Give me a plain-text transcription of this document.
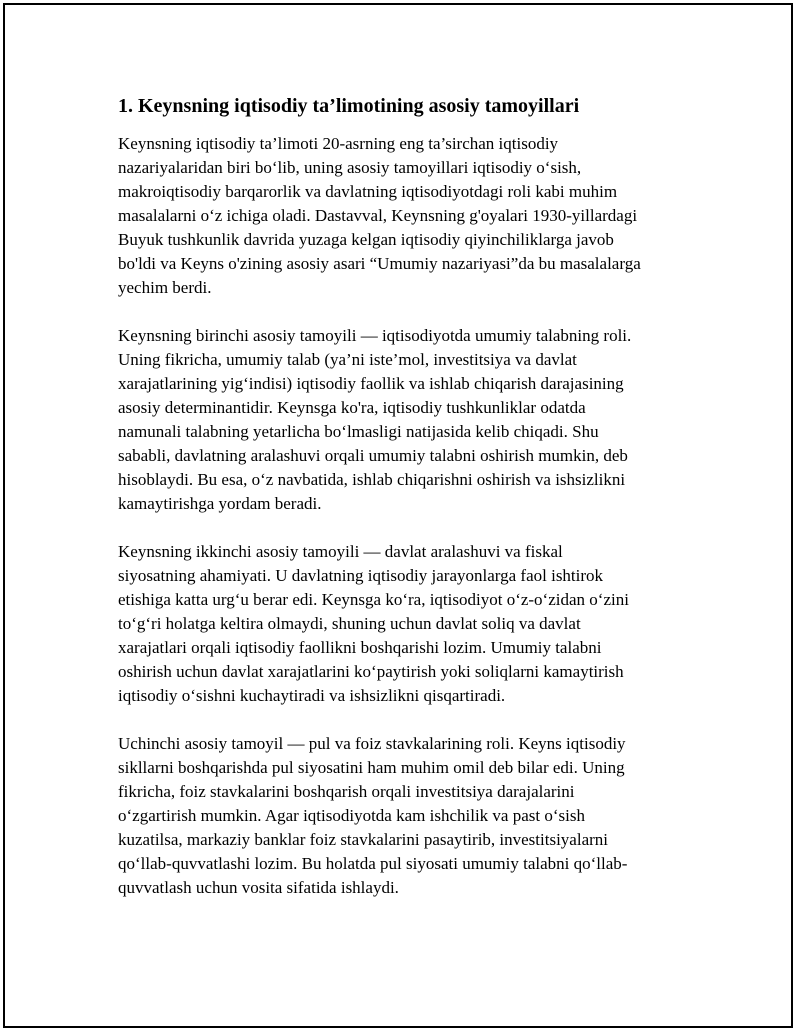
1. Keynsning iqtisodiy ta’limotining asosiy tamoyillari

Keynsning iqtisodiy ta’limoti 20-asrning eng ta’sirchan iqtisodiy
nazariyalaridan biri bo‘lib, uning asosiy tamoyillari iqtisodiy o‘sish,
makroiqtisodiy barqarorlik va davlatning iqtisodiyotdagi roli kabi muhim
masalalarni o‘z ichiga oladi. Dastavval, Keynsning g'oyalari 1930-yillardagi
Buyuk tushkunlik davrida yuzaga kelgan iqtisodiy qiyinchiliklarga javob
bo'ldi va Keyns o'zining asosiy asari “Umumiy nazariyasi”da bu masalalarga
yechim berdi.

Keynsning birinchi asosiy tamoyili — iqtisodiyotda umumiy talabning roli.
Uning fikricha, umumiy talab (ya’ni iste’mol, investitsiya va davlat
xarajatlarining yig‘indisi) iqtisodiy faollik va ishlab chiqarish darajasining
asosiy determinantidir. Keynsga ko'ra, iqtisodiy tushkunliklar odatda
namunali talabning yetarlicha bo‘lmasligi natijasida kelib chiqadi. Shu
sababli, davlatning aralashuvi orqali umumiy talabni oshirish mumkin, deb
hisoblaydi. Bu esa, o‘z navbatida, ishlab chiqarishni oshirish va ishsizlikni
kamaytirishga yordam beradi.

Keynsning ikkinchi asosiy tamoyili — davlat aralashuvi va fiskal
siyosatning ahamiyati. U davlatning iqtisodiy jarayonlarga faol ishtirok
etishiga katta urg‘u berar edi. Keynsga ko‘ra, iqtisodiyot o‘z-o‘zidan o‘zini
to‘g‘ri holatga keltira olmaydi, shuning uchun davlat soliq va davlat
xarajatlari orqali iqtisodiy faollikni boshqarishi lozim. Umumiy talabni
oshirish uchun davlat xarajatlarini ko‘paytirish yoki soliqlarni kamaytirish
iqtisodiy o‘sishni kuchaytiradi va ishsizlikni qisqartiradi.

Uchinchi asosiy tamoyil — pul va foiz stavkalarining roli. Keyns iqtisodiy
sikllarni boshqarishda pul siyosatini ham muhim omil deb bilar edi. Uning
fikricha, foiz stavkalarini boshqarish orqali investitsiya darajalarini
o‘zgartirish mumkin. Agar iqtisodiyotda kam ishchilik va past o‘sish
kuzatilsa, markaziy banklar foiz stavkalarini pasaytirib, investitsiyalarni
qo‘llab-quvvatlashi lozim. Bu holatda pul siyosati umumiy talabni qo‘llab-
quvvatlash uchun vosita sifatida ishlaydi.
